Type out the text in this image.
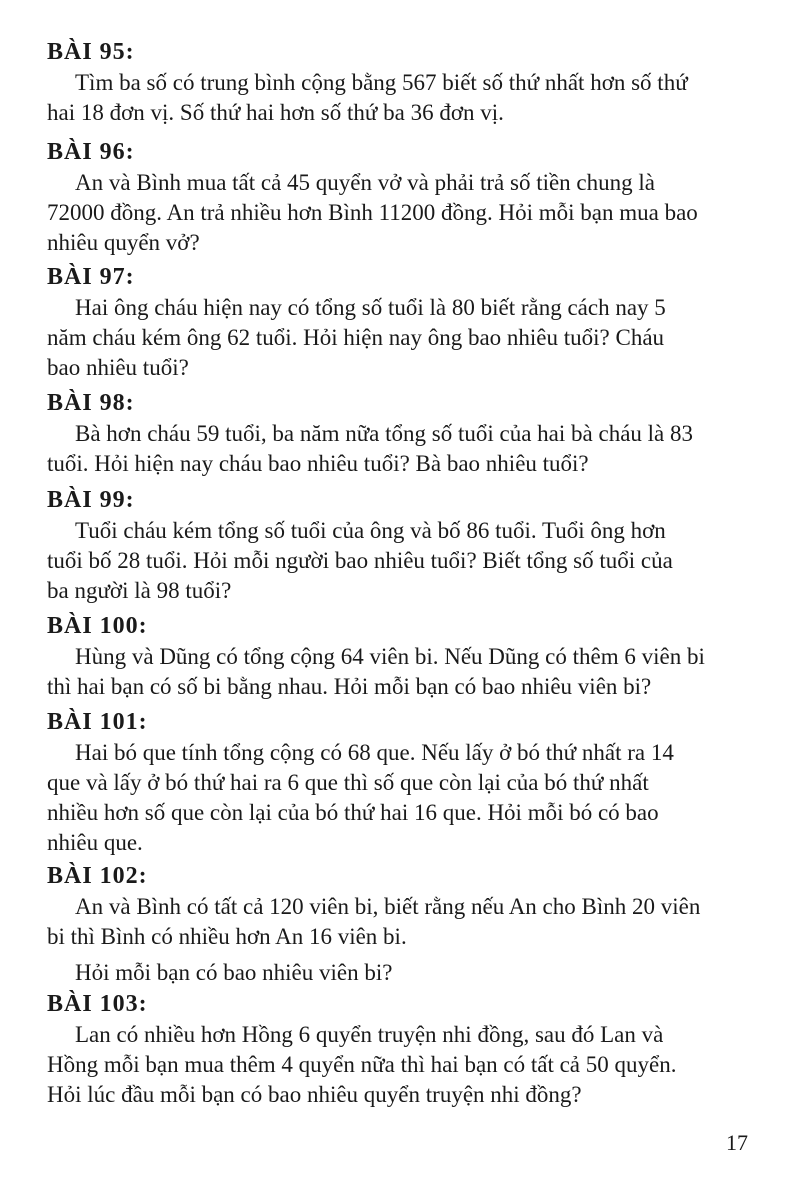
BÀI 95:

Tìm ba số có trung bình cộng bằng 567 biết số thứ nhất hơn số thứ
hai 18 đơn vị. Số thứ hai hơn số thứ ba 36 đơn vị.

BÀI 96:

An và Bình mua tất cả 45 quyển vở và phải trả số tiền chung là
72000 đồng. An trả nhiều hơn Bình 11200 đồng. Hỏi mỗi bạn mua bao
nhiêu quyển vở?

BÀI 97:

Hai ông cháu hiện nay có tổng số tuổi là 80 biết rằng cách nay 5
năm cháu kém ông 62 tuổi. Hỏi hiện nay ông bao nhiêu tuổi? Cháu
bao nhiêu tuổi?

BÀI 98:

Bà hơn cháu 59 tuổi, ba năm nữa tổng số tuổi của hai bà cháu là 83
tuổi. Hỏi hiện nay cháu bao nhiêu tuổi? Bà bao nhiêu tuổi?

BÀI 99:

Tuổi cháu kém tổng số tuổi của ông và bố 86 tuổi. Tuổi ông hơn
tuổi bố 28 tuổi. Hỏi mỗi người bao nhiêu tuổi? Biết tổng số tuổi của
ba người là 98 tuổi?

BÀI 100:

Hùng và Dũng có tổng cộng 64 viên bi. Nếu Dũng có thêm 6 viên bi
thì hai bạn có số bi bằng nhau. Hỏi mỗi bạn có bao nhiêu viên bi?

BÀI 101:

Hai bó que tính tổng cộng có 68 que. Nếu lấy ở bó thứ nhất ra 14
que và lấy ở bó thứ hai ra 6 que thì số que còn lại của bó thứ nhất
nhiều hơn số que còn lại của bó thứ hai 16 que. Hỏi mỗi bó có bao
nhiêu que.

BÀI 102:

An và Bình có tất cả 120 viên bi, biết rằng nếu An cho Bình 20 viên
bi thì Bình có nhiều hơn An 16 viên bi.
Hỏi mỗi bạn có bao nhiêu viên bi?

BÀI 103:

Lan có nhiều hơn Hồng 6 quyển truyện nhi đồng, sau đó Lan và
Hồng mỗi bạn mua thêm 4 quyển nữa thì hai bạn có tất cả 50 quyển.
Hỏi lúc đầu mỗi bạn có bao nhiêu quyển truyện nhi đồng?

17
